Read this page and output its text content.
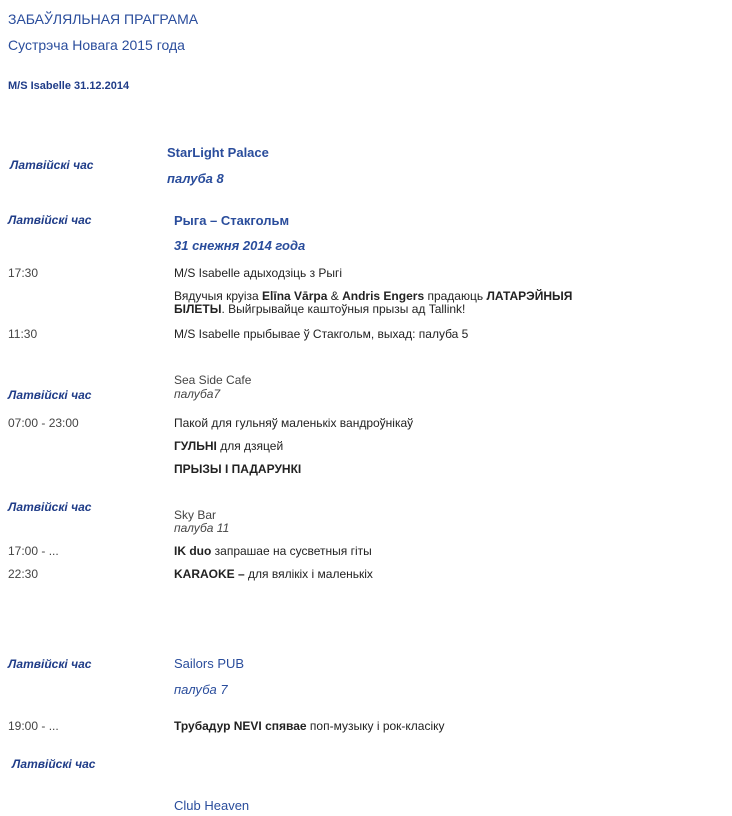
ЗАБАЎЛЯЛЬНАЯ ПРАГРАМА
Сустрэча Новага 2015 года
M/S Isabelle 31.12.2014
Латвійскі час
StarLight Palace
палуба 8
Латвійскі час	Рыга – Стакгольм
31 снежня 2014 года
17:30	M/S Isabelle адыходзіць з Рыгі
Вядучыя круіза Elīna Vārpa & Andris Engers прадаюць ЛАТАРЭЙНЫЯ БІЛЕТЫ. Выйгрывайце каштоўныя прызы ад Tallink!
11:30	M/S Isabelle прыбывае ў Стакгольм, выхад: палуба 5
Латвійскі час
Sea Side Cafe
палуба7
07:00 - 23:00	Пакой для гульняў маленькіх вандроўнікаў
ГУЛЬНІ для дзяцей
ПРЫЗЫ І ПАДАРУНКІ
Латвійскі час
Sky Bar
палуба 11
17:00 - ...	IK duo запрашае на сусветныя гіты
22:30	KARAOKE – для вялікіх і маленькіх
Латвійскі час	Sailors PUB
палуба 7
19:00 - ...	Трубадур NEVI спявае поп-музыку і рок-класіку
Латвійскі час
Club Heaven
